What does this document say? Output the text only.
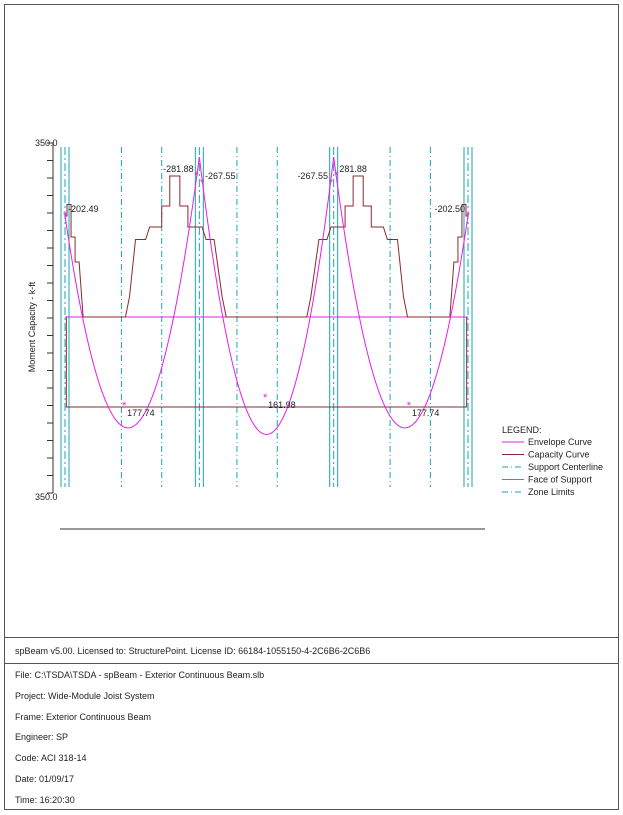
350.0
350.0
Moment Capacity - k-ft
*
-202.49
*
-281.88
*
-267.55
*
-267.55 *
281.88
*
-202.50
*
177.74
*
161.98	*
177.74
LEGEND:
Envelope Curve
Capacity Curve
Support Centerline
Face of Support
Zone Limits
spBeam v5.00. Licensed to: StructurePoint. License ID: 66184-1055150-4-2C6B6-2C6B6
File: C:\TSDA\TSDA - spBeam - Exterior Continuous Beam.slb
Project: Wide-Module Joist System
Frame: Exterior Continuous Beam
Engineer: SP
Code: ACI 318-14
Date: 01/09/17
Time: 16:20:30
